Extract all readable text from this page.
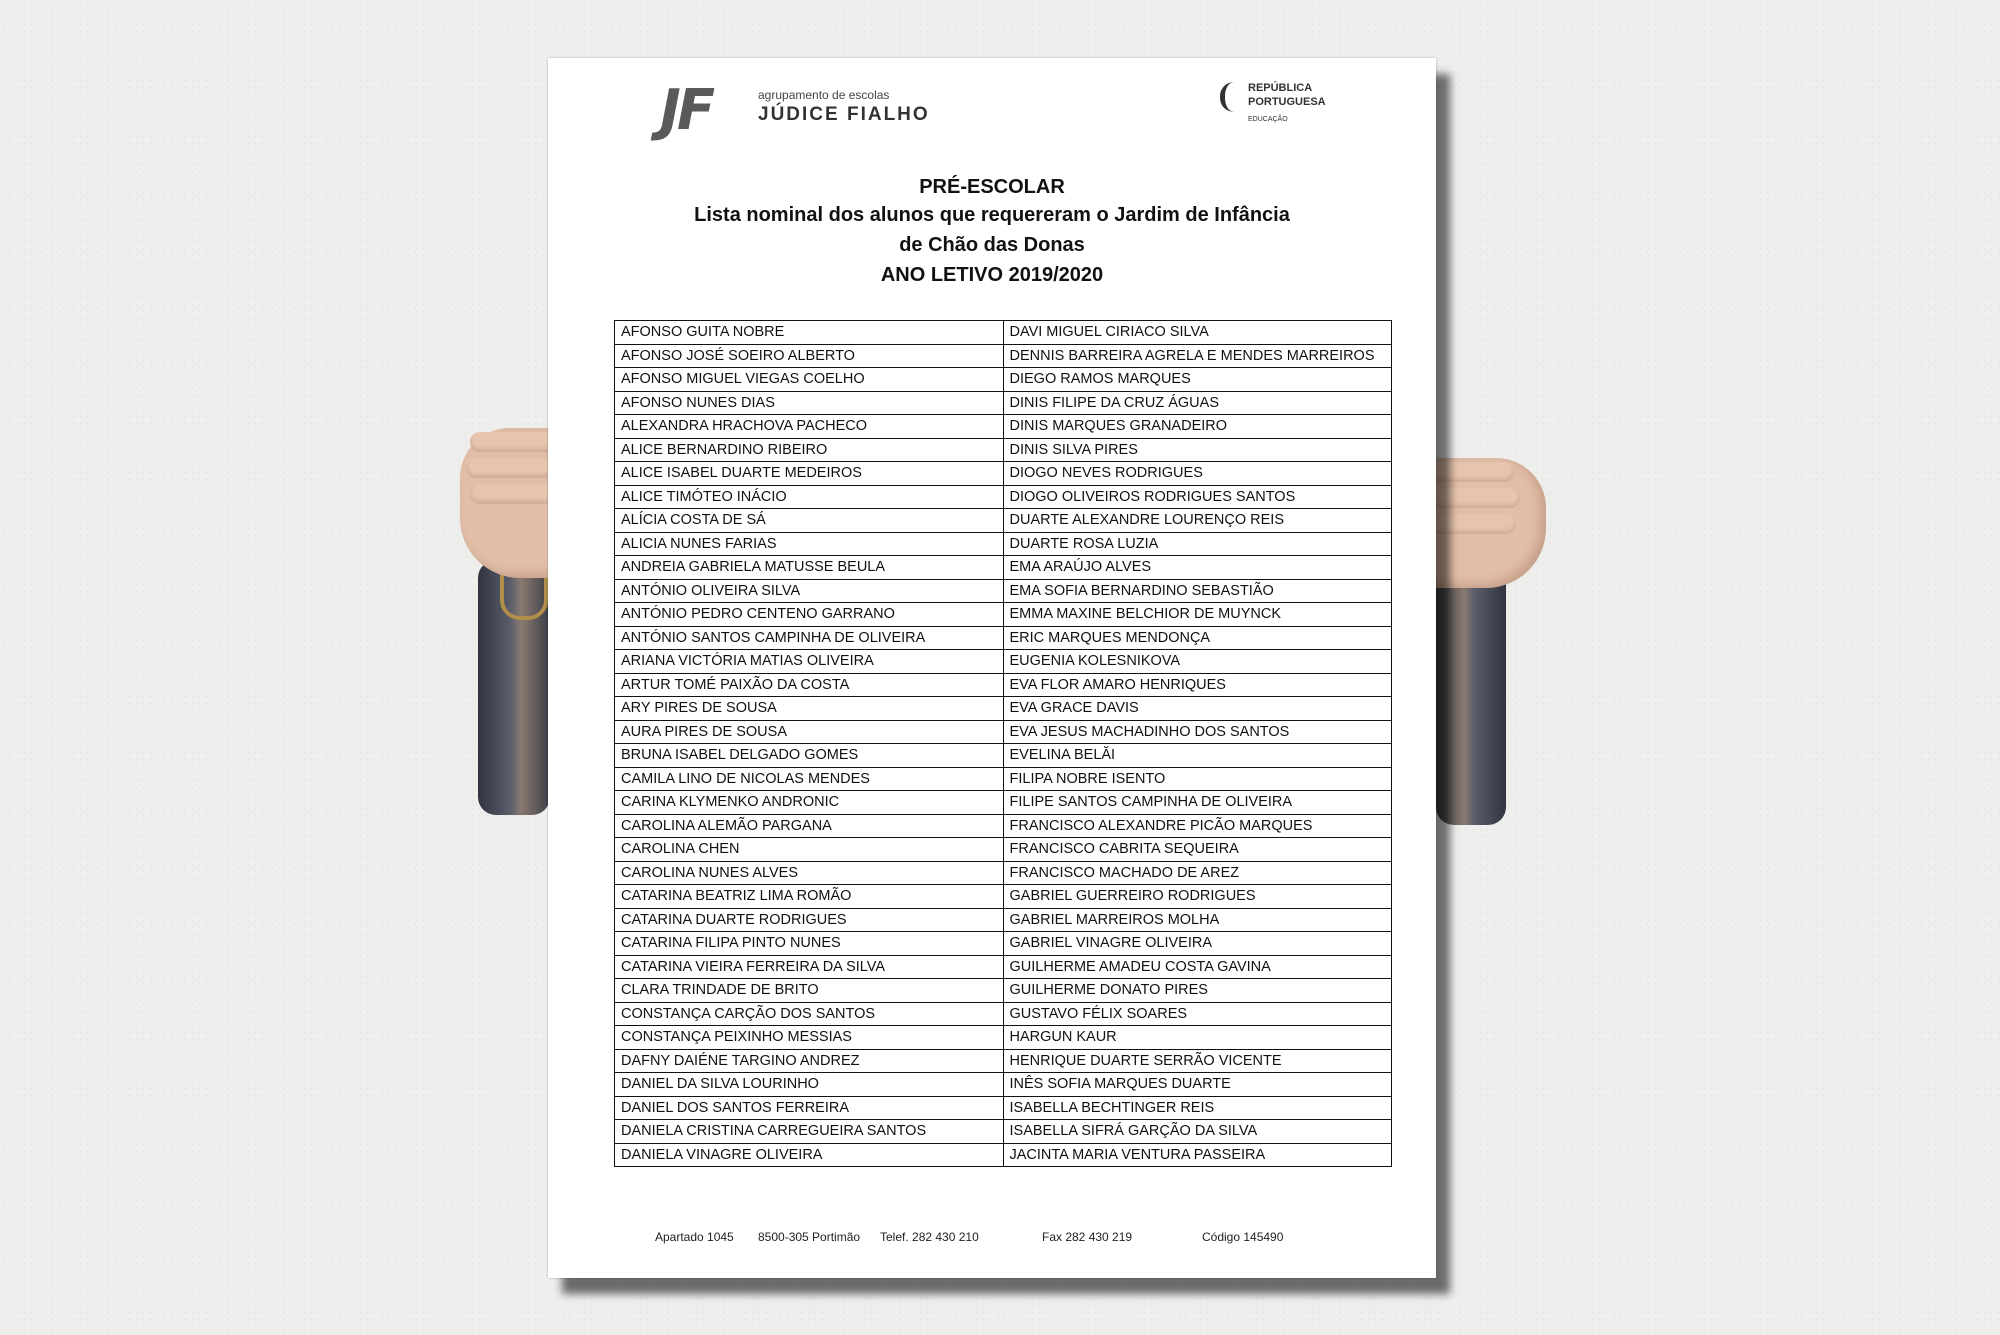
JF	agrupamento de escolas
JÚDICE FIALHO
REPÚBLICA
PORTUGUESA
EDUCAÇÃO
PRÉ-ESCOLAR
Lista nominal dos alunos que requereram o Jardim de Infância
de Chão das Donas
ANO LETIVO 2019/2020
AFONSO GUITA NOBRE	DAVI MIGUEL CIRIACO SILVA
AFONSO JOSÉ SOEIRO ALBERTO	DENNIS BARREIRA AGRELA E MENDES MARREIROS
AFONSO MIGUEL VIEGAS COELHO	DIEGO RAMOS MARQUES
AFONSO NUNES DIAS	DINIS FILIPE DA CRUZ ÁGUAS
ALEXANDRA HRACHOVA PACHECO	DINIS MARQUES GRANADEIRO
ALICE BERNARDINO RIBEIRO	DINIS SILVA PIRES
ALICE ISABEL DUARTE MEDEIROS	DIOGO NEVES RODRIGUES
ALICE TIMÓTEO INÁCIO	DIOGO OLIVEIROS RODRIGUES SANTOS
ALÍCIA COSTA DE SÁ	DUARTE ALEXANDRE LOURENÇO REIS
ALICIA NUNES FARIAS	DUARTE ROSA LUZIA
ANDREIA GABRIELA MATUSSE BEULA	EMA ARAÚJO ALVES
ANTÓNIO OLIVEIRA SILVA	EMA SOFIA BERNARDINO SEBASTIÃO
ANTÓNIO PEDRO CENTENO GARRANO	EMMA MAXINE BELCHIOR DE MUYNCK
ANTÓNIO SANTOS CAMPINHA DE OLIVEIRA	ERIC MARQUES MENDONÇA
ARIANA VICTÓRIA MATIAS OLIVEIRA	EUGENIA KOLESNIKOVA
ARTUR TOMÉ PAIXÃO DA COSTA	EVA FLOR AMARO HENRIQUES
ARY PIRES DE SOUSA	EVA GRACE DAVIS
AURA PIRES DE SOUSA	EVA JESUS MACHADINHO DOS SANTOS
BRUNA ISABEL DELGADO GOMES	EVELINA BELĂI
CAMILA LINO DE NICOLAS MENDES	FILIPA NOBRE ISENTO
CARINA KLYMENKO ANDRONIC	FILIPE SANTOS CAMPINHA DE OLIVEIRA
CAROLINA ALEMÃO PARGANA	FRANCISCO ALEXANDRE PICÃO MARQUES
CAROLINA CHEN	FRANCISCO CABRITA SEQUEIRA
CAROLINA NUNES ALVES	FRANCISCO MACHADO DE AREZ
CATARINA BEATRIZ LIMA ROMÃO	GABRIEL GUERREIRO RODRIGUES
CATARINA DUARTE RODRIGUES	GABRIEL MARREIROS MOLHA
CATARINA FILIPA PINTO NUNES	GABRIEL VINAGRE OLIVEIRA
CATARINA VIEIRA FERREIRA DA SILVA	GUILHERME AMADEU COSTA GAVINA
CLARA TRINDADE DE BRITO	GUILHERME DONATO PIRES
CONSTANÇA CARÇÃO DOS SANTOS	GUSTAVO FÉLIX SOARES
CONSTANÇA PEIXINHO MESSIAS	HARGUN KAUR
DAFNY DAIÉNE TARGINO ANDREZ	HENRIQUE DUARTE SERRÃO VICENTE
DANIEL DA SILVA LOURINHO	INÊS SOFIA MARQUES DUARTE
DANIEL DOS SANTOS FERREIRA	ISABELLA BECHTINGER REIS
DANIELA CRISTINA CARREGUEIRA SANTOS	ISABELLA SIFRÁ GARÇÃO DA SILVA
DANIELA VINAGRE OLIVEIRA	JACINTA MARIA VENTURA PASSEIRA
Apartado 1045 8500-305 Portimão Telef. 282 430 210	Fax 282 430 219	Código 145490
